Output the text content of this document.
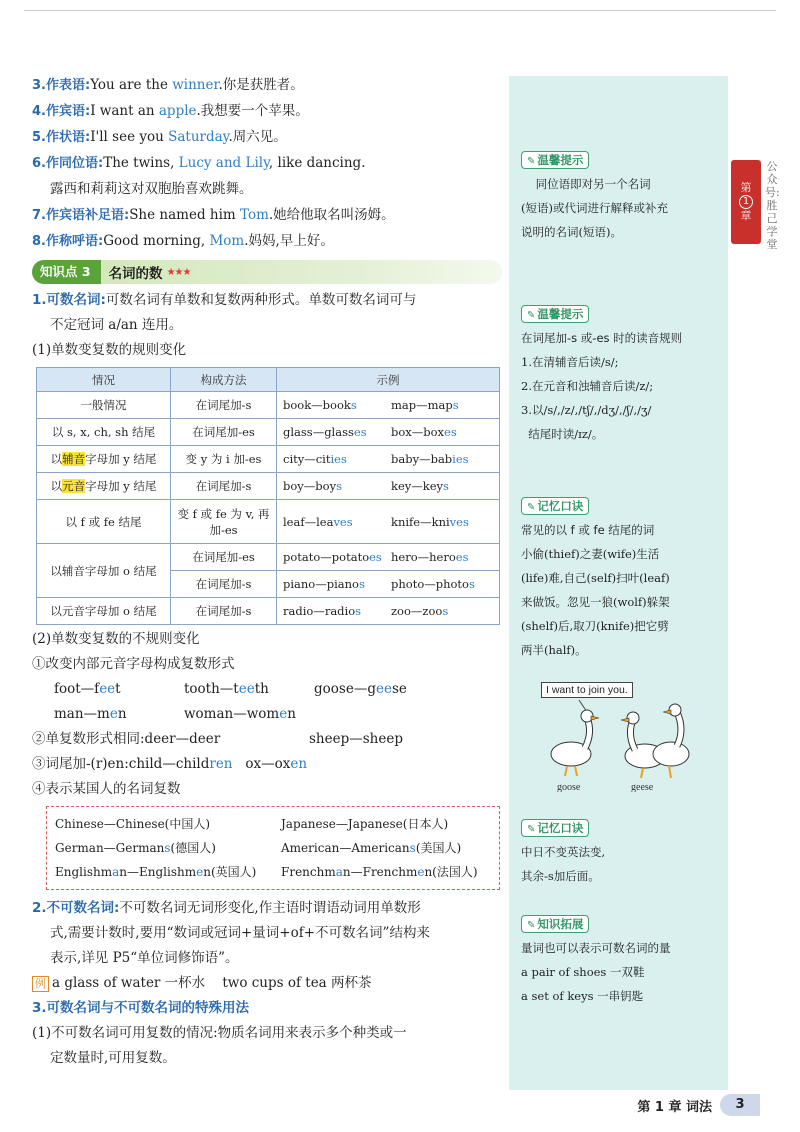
3.作表语:You are the winner.你是获胜者。
4.作宾语:I want an apple.我想要一个苹果。
5.作状语:I'll see you Saturday.周六见。
6.作同位语:The twins, Lucy and Lily, like dancing.
露西和莉莉这对双胞胎喜欢跳舞。
7.作宾语补足语:She named him Tom.她给他取名叫汤姆。
8.作称呼语:Good morning, Mom.妈妈,早上好。
知识点 3	名词的数 ★★★
1.可数名词:可数名词有单数和复数两种形式。单数可数名词可与
不定冠词 a/an 连用。
(1)单数变复数的规则变化
情况	构成方法	示例
一般情况	在词尾加-s	book—books map—maps
以 s, x, ch, sh 结尾	在词尾加-es	glass—glasses box—boxes
以辅音字母加 y 结尾	变 y 为 i 加-es	city—cities baby—babies
以元音字母加 y 结尾	在词尾加-s	boy—boys key—keys
以 f 或 fe 结尾	变 f 或 fe 为 v, 再加-es	leaf—leaves knife—knives
以辅音字母加 o 结尾	在词尾加-es	potato—potatoes hero—heroes
	在词尾加-s	piano—pianos photo—photos
以元音字母加 o 结尾	在词尾加-s	radio—radios zoo—zoos
(2)单数变复数的不规则变化
①改变内部元音字母构成复数形式
foot—feet	tooth—teeth	goose—geese
man—men	woman—women
②单复数形式相同:deer—deer	sheep—sheep
③词尾加-(r)en:child—children   ox—oxen
④表示某国人的名词复数
Chinese—Chinese(中国人)	Japanese—Japanese(日本人)
German—Germans(德国人)	American—Americans(美国人)
Englishman—Englishmen(英国人) Frenchman—Frenchmen(法国人)
2.不可数名词:不可数名词无词形变化,作主语时谓语动词用单数形
式,需要计数时,要用“数词或冠词+量词+of+不可数名词”结构来
表示,详见 P5“单位词修饰语”。
例 a glass of water 一杯水    two cups of tea 两杯茶
3.可数名词与不可数名词的特殊用法
(1)不可数名词可用复数的情况:物质名词用来表示多个种类或一
定数量时,可用复数。
✎ 温馨提示
同位语即对另一个名词
(短语)或代词进行解释或补充
说明的名词(短语)。
✎ 温馨提示
在词尾加-s 或-es 时的读音规则
1.在清辅音后读/s/;
2.在元音和浊辅音后读/z/;
3.以/s/,/z/,/tʃ/,/dʒ/,/ʃ/,/ʒ/
结尾时读/ɪz/。
✎ 记忆口诀
常见的以 f 或 fe 结尾的词
小偷(thief)之妻(wife)生活
(life)难,自己(self)扫叶(leaf)
来做饭。忽见一狼(wolf)躲架
(shelf)后,取刀(knife)把它劈
两半(half)。
I want to join you.
goose	geese
✎ 记忆口诀
中日不变英法变,
其余-s加后面。
✎ 知识拓展
量词也可以表示可数名词的量
a pair of shoes 一双鞋
a set of keys 一串钥匙
第
1
章
公众号:胜己学堂
第 1 章 词法	3
